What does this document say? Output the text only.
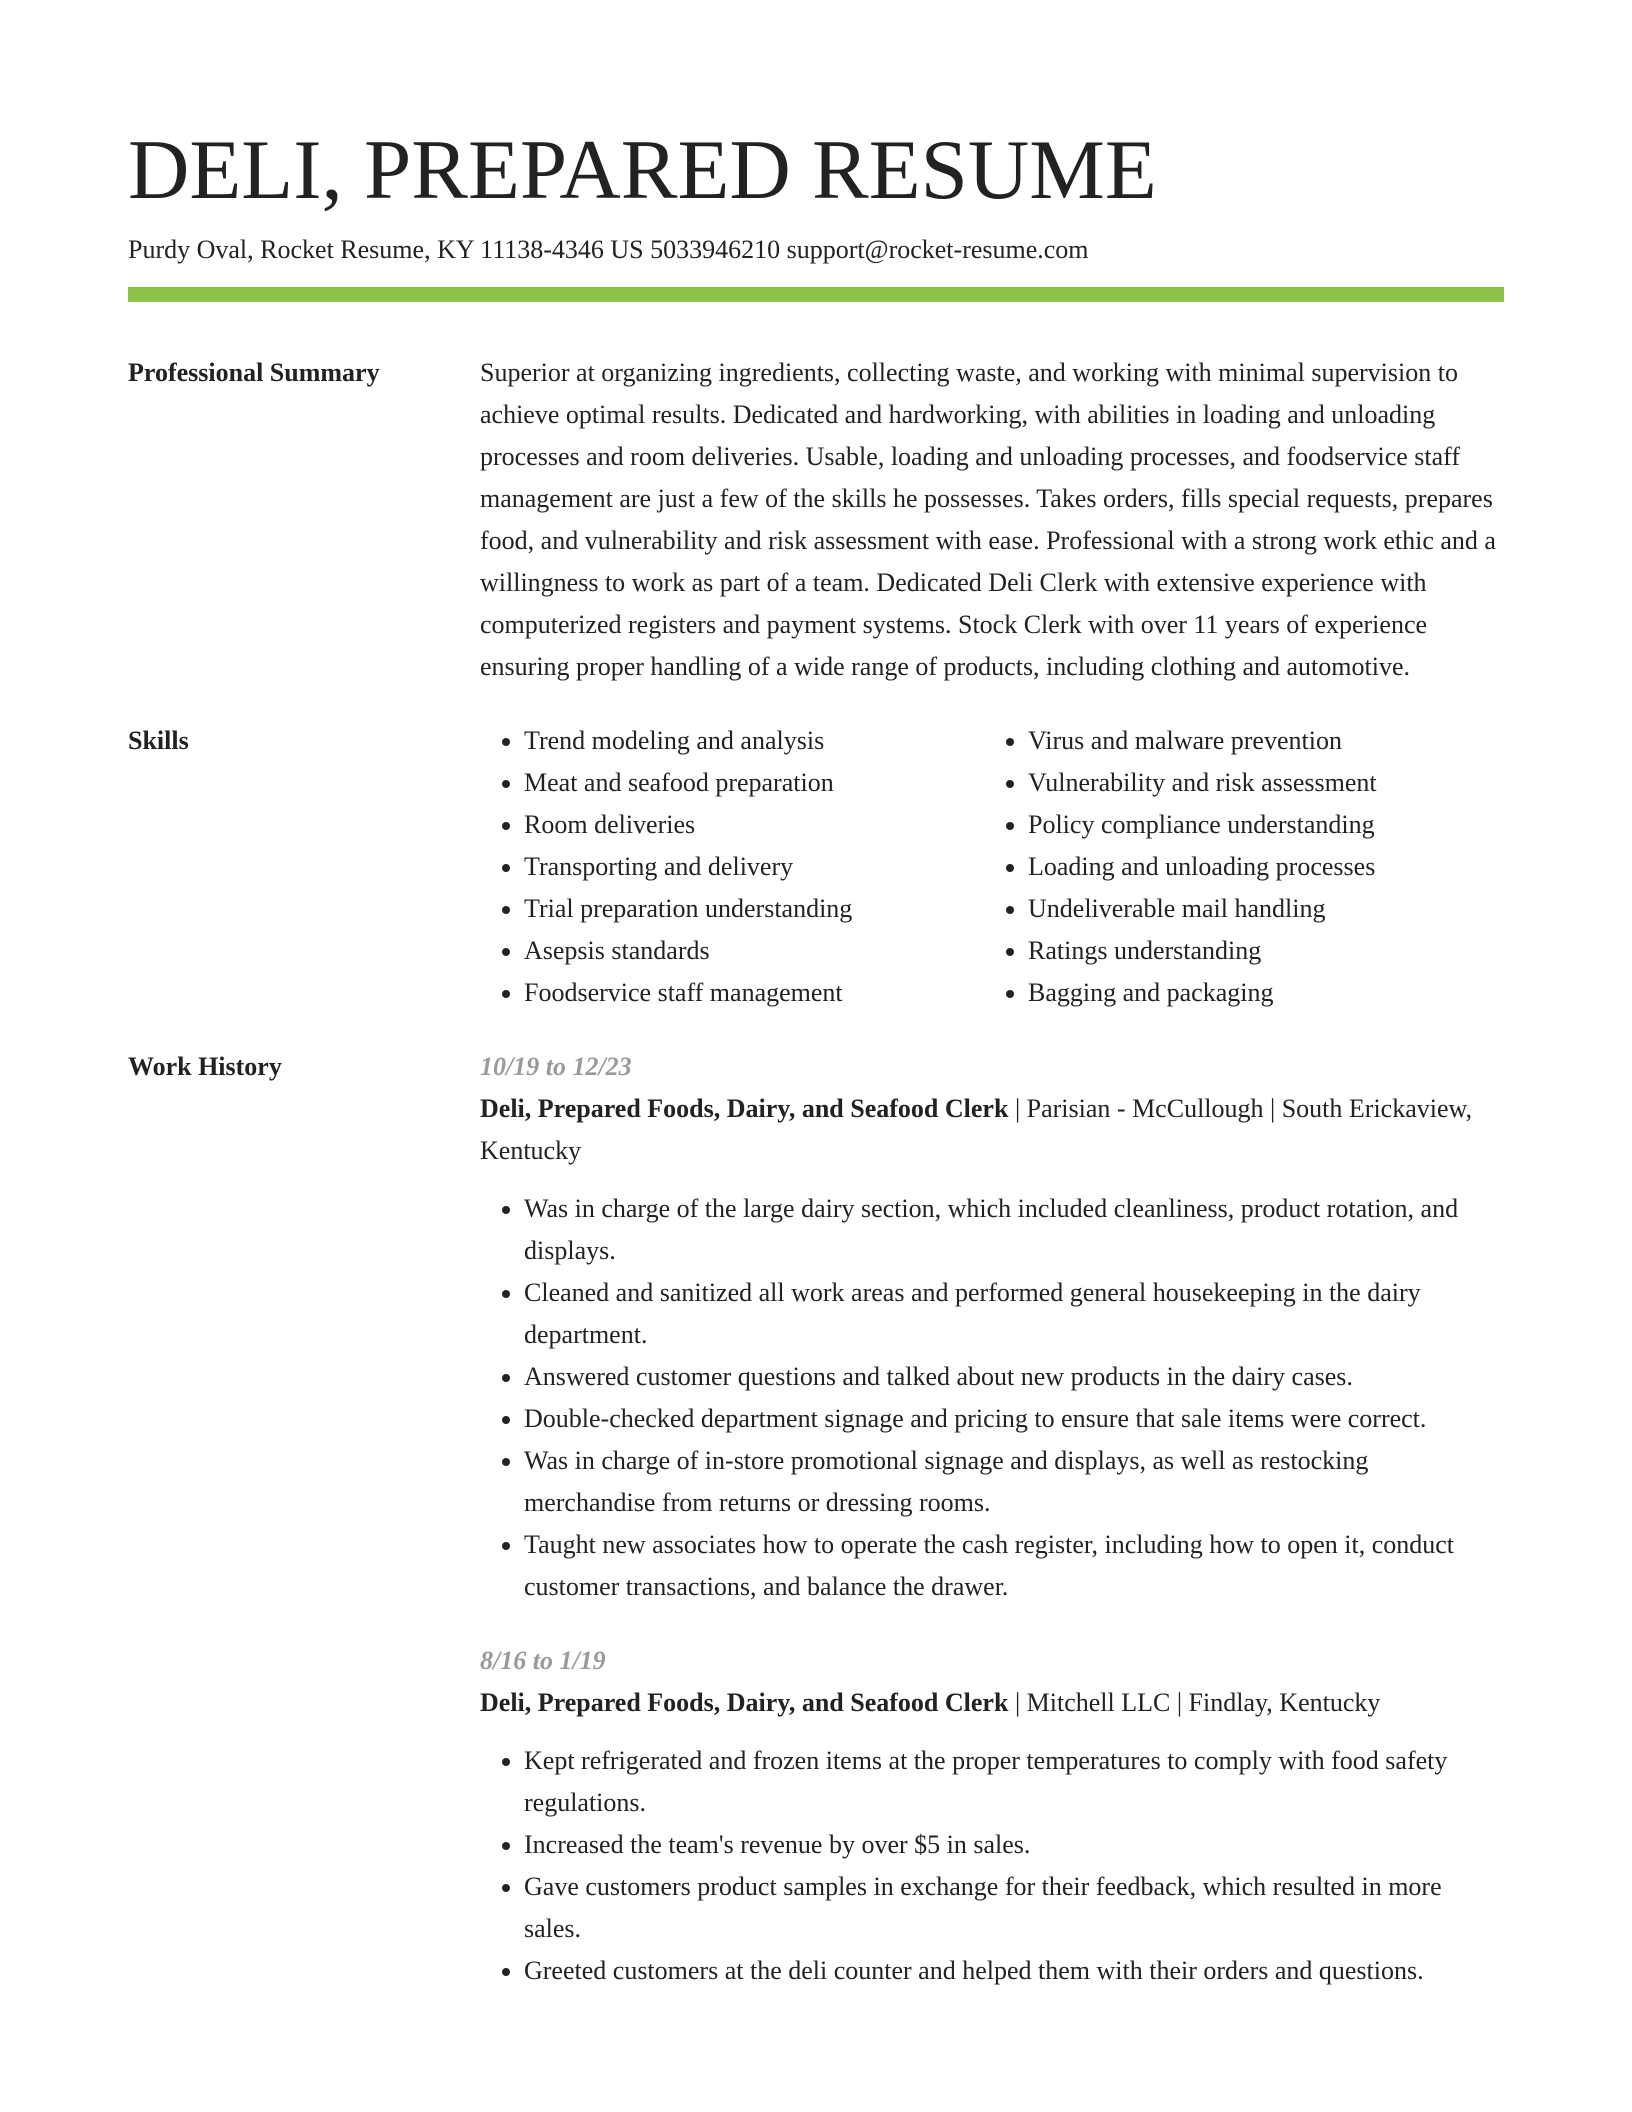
DELI, PREPARED RESUME
Purdy Oval, Rocket Resume, KY 11138-4346 US 5033946210 support@rocket-resume.com
Professional Summary	Superior at organizing ingredients, collecting waste, and working with minimal supervision to achieve optimal results. Dedicated and hardworking, with abilities in loading and unloading processes and room deliveries. Usable, loading and unloading processes, and foodservice staff management are just a few of the skills he possesses. Takes orders, fills special requests, prepares food, and vulnerability and risk assessment with ease. Professional with a strong work ethic and a willingness to work as part of a team. Dedicated Deli Clerk with extensive experience with computerized registers and payment systems. Stock Clerk with over 11 years of experience ensuring proper handling of a wide range of products, including clothing and automotive.
Skills
•	Trend modeling and analysis
• Meat and seafood preparation
• Room deliveries
• Transporting and delivery
• Trial preparation understanding
• Asepsis standards
• Foodservice staff management
• Virus and malware prevention
• Vulnerability and risk assessment
• Policy compliance understanding
• Loading and unloading processes
• Undeliverable mail handling
• Ratings understanding
• Bagging and packaging
Work History	10/19 to 12/23
Deli, Prepared Foods, Dairy, and Seafood Clerk | Parisian - McCullough | South Erickaview, Kentucky
• Was in charge of the large dairy section, which included cleanliness, product rotation, and displays.
• Cleaned and sanitized all work areas and performed general housekeeping in the dairy department.
• Answered customer questions and talked about new products in the dairy cases.
• Double-checked department signage and pricing to ensure that sale items were correct.
• Was in charge of in-store promotional signage and displays, as well as restocking merchandise from returns or dressing rooms.
• Taught new associates how to operate the cash register, including how to open it, conduct customer transactions, and balance the drawer.
8/16 to 1/19
Deli, Prepared Foods, Dairy, and Seafood Clerk | Mitchell LLC | Findlay, Kentucky
• Kept refrigerated and frozen items at the proper temperatures to comply with food safety regulations.
• Increased the team's revenue by over $5 in sales.
• Gave customers product samples in exchange for their feedback, which resulted in more sales.
• Greeted customers at the deli counter and helped them with their orders and questions.
